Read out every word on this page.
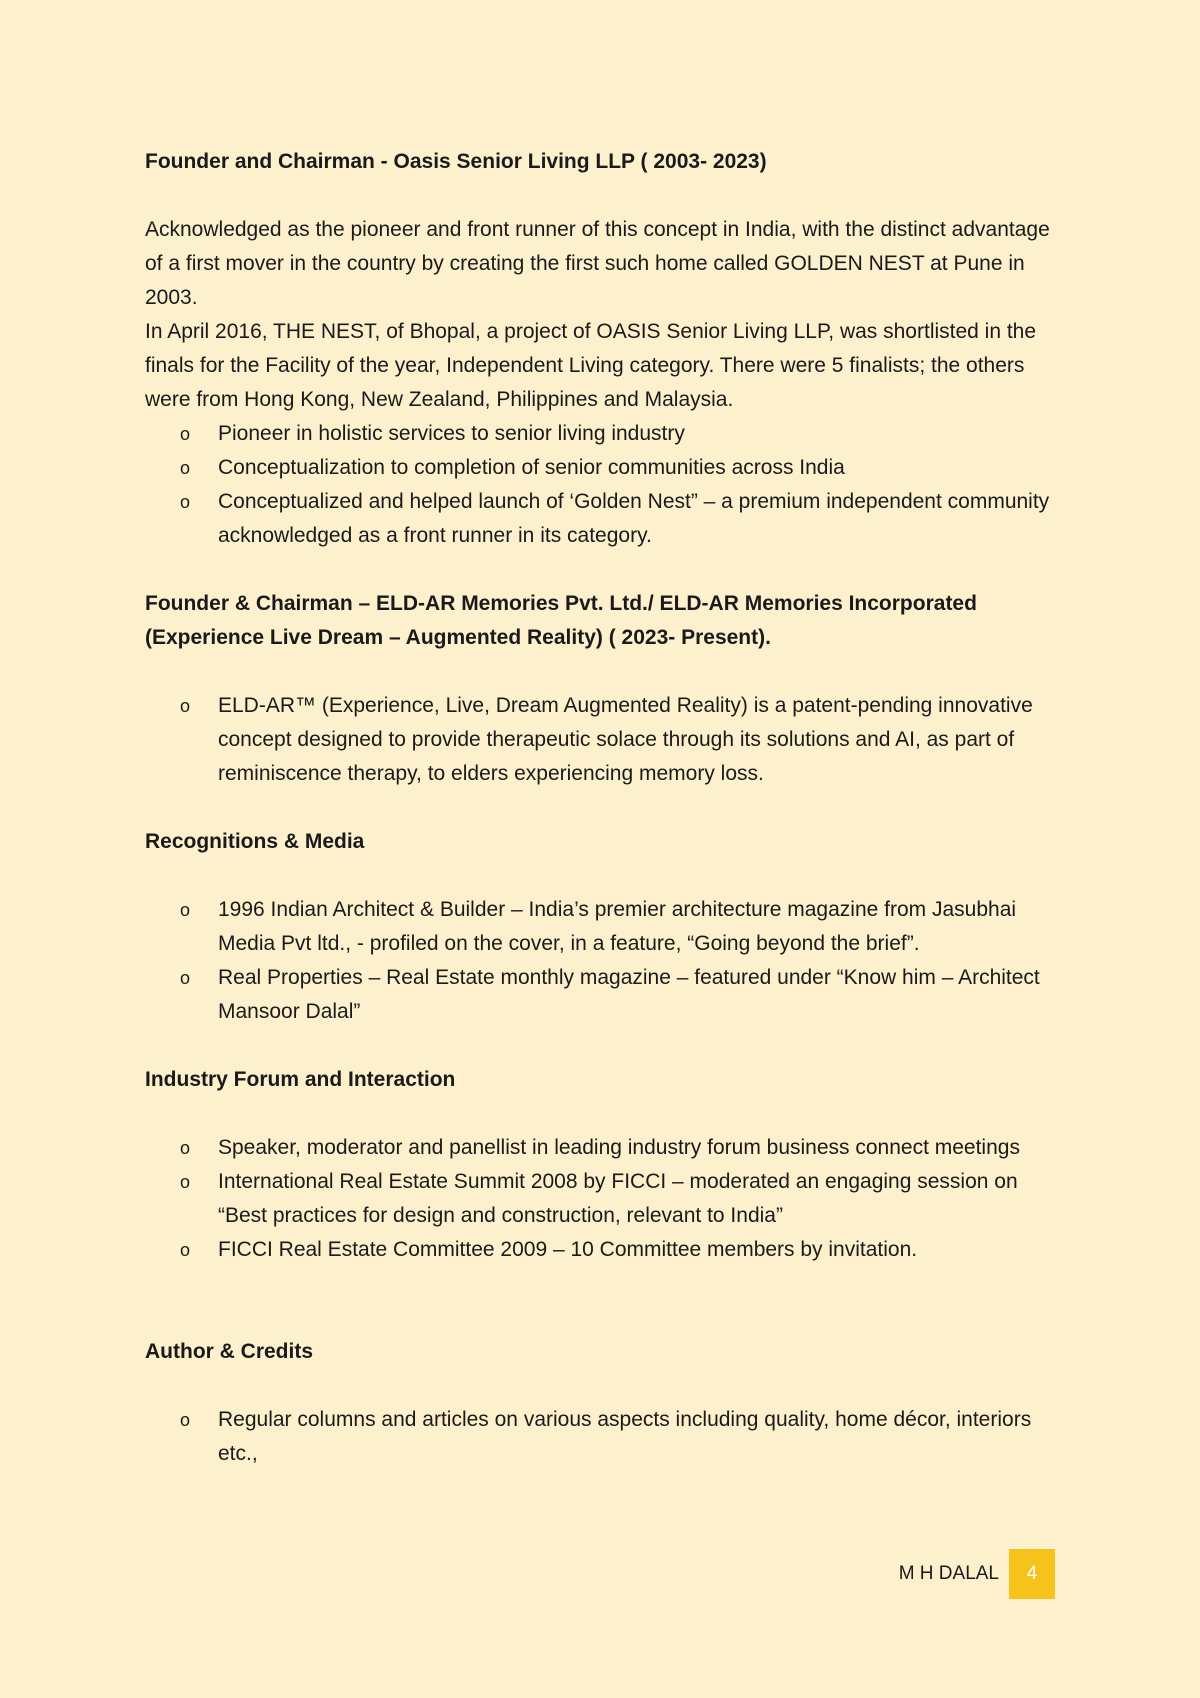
Founder and Chairman - Oasis Senior Living LLP ( 2003- 2023)

Acknowledged as the pioneer and front runner of this concept in India, with the distinct advantage of a first mover in the country by creating the first such home called GOLDEN NEST at Pune in 2003.

In April 2016, THE NEST, of Bhopal, a project of OASIS Senior Living LLP, was shortlisted in the finals for the Facility of the year, Independent Living category. There were 5 finalists; the others were from Hong Kong, New Zealand, Philippines and Malaysia.

o Pioneer in holistic services to senior living industry
o Conceptualization to completion of senior communities across India
o Conceptualized and helped launch of ‘Golden Nest” – a premium independent community acknowledged as a front runner in its category.

Founder & Chairman – ELD-AR Memories Pvt. Ltd./ ELD-AR Memories Incorporated (Experience Live Dream – Augmented Reality) ( 2023- Present).

o ELD-AR™ (Experience, Live, Dream Augmented Reality) is a patent-pending innovative concept designed to provide therapeutic solace through its solutions and AI, as part of reminiscence therapy, to elders experiencing memory loss.

Recognitions & Media

o 1996 Indian Architect & Builder – India’s premier architecture magazine from Jasubhai Media Pvt ltd., - profiled on the cover, in a feature, “Going beyond the brief”.
o Real Properties – Real Estate monthly magazine – featured under “Know him – Architect Mansoor Dalal”

Industry Forum and Interaction

o Speaker, moderator and panellist in leading industry forum business connect meetings
o International Real Estate Summit 2008 by FICCI – moderated an engaging session on “Best practices for design and construction, relevant to India”
o FICCI Real Estate Committee 2009 – 10 Committee members by invitation.

Author & Credits

o Regular columns and articles on various aspects including quality, home décor, interiors etc.,
M H DALAL	4
